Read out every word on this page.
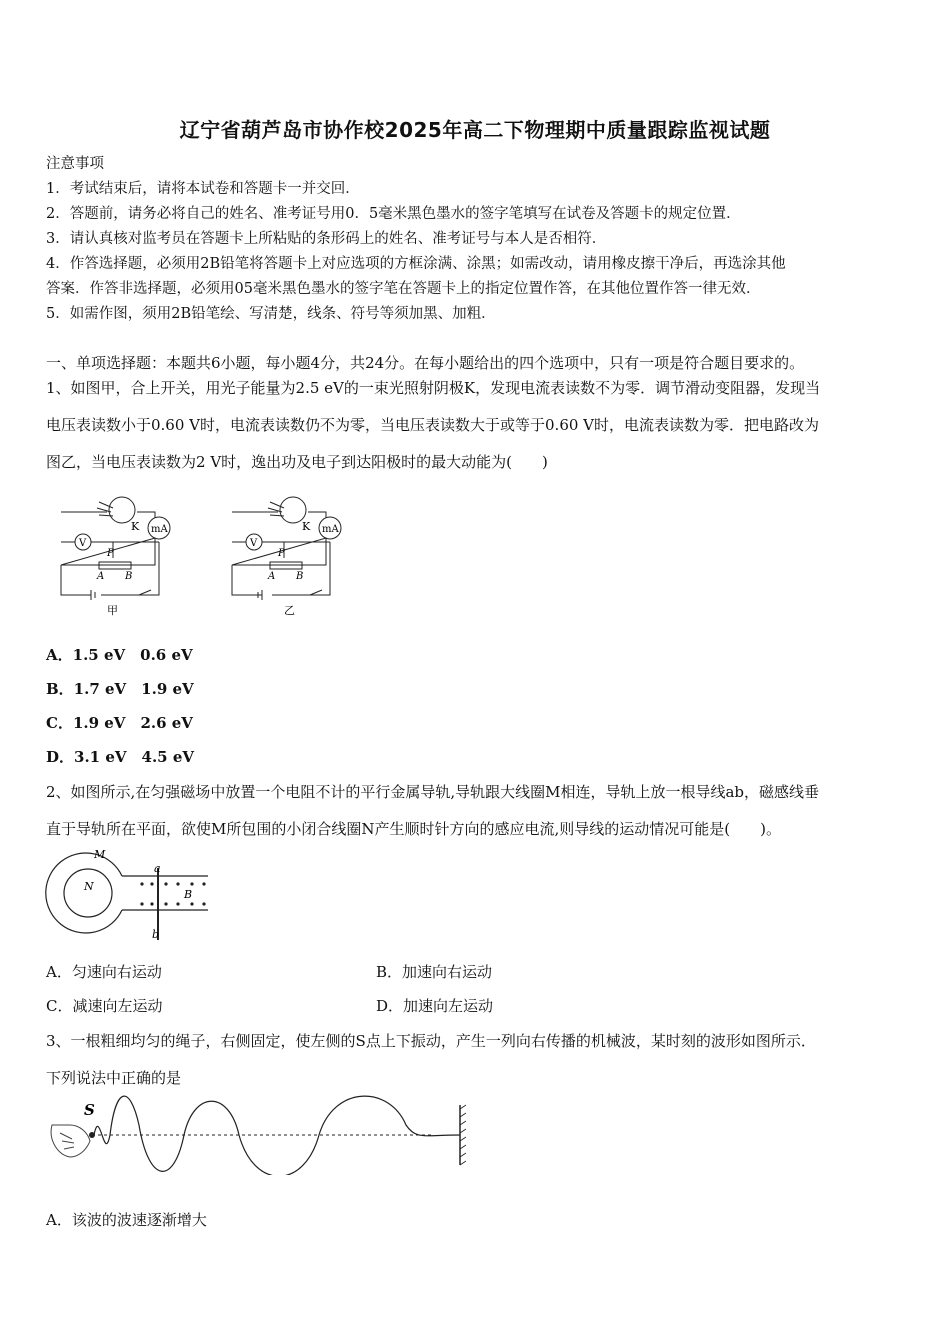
辽宁省葫芦岛市协作校2025年高二下物理期中质量跟踪监视试题
注意事项
1．考试结束后，请将本试卷和答题卡一并交回．
2．答题前，请务必将自己的姓名、准考证号用0．5毫米黑色墨水的签字笔填写在试卷及答题卡的规定位置．
3．请认真核对监考员在答题卡上所粘贴的条形码上的姓名、准考证号与本人是否相符．
4．作答选择题，必须用2B铅笔将答题卡上对应选项的方框涂满、涂黑；如需改动，请用橡皮擦干净后，再选涂其他
答案．作答非选择题，必须用05毫米黑色墨水的签字笔在答题卡上的指定位置作答，在其他位置作答一律无效．
5．如需作图，须用2B铅笔绘、写清楚，线条、符号等须加黑、加粗．
一、单项选择题：本题共6小题，每小题4分，共24分。在每小题给出的四个选项中，只有一项是符合题目要求的。
1、如图甲，合上开关，用光子能量为2.5 eV的一束光照射阴极K，发现电流表读数不为零．调节滑动变阻器，发现当
电压表读数小于0.60 V时，电流表读数仍不为零，当电压表读数大于或等于0.60 V时，电流表读数为零．把电路改为
图乙，当电压表读数为2 V时，逸出功及电子到达阳极时的最大动能为(　　)
K mA
V
P
A B
甲
K mA
V
P
A B
乙
A．1.5 eV　0.6 eV
B．1.7 eV　1.9 eV
C．1.9 eV　2.6 eV
D．3.1 eV　4.5 eV
2、如图所示,在匀强磁场中放置一个电阻不计的平行金属导轨,导轨跟大线圈M相连，导轨上放一根导线ab，磁感线垂
直于导轨所在平面，欲使M所包围的小闭合线圈N产生顺时针方向的感应电流,则导线的运动情况可能是(　　)。
M
N
a
b
B
A．匀速向右运动	B．加速向右运动
C．减速向左运动	D．加速向左运动
3、一根粗细均匀的绳子，右侧固定，使左侧的S点上下振动，产生一列向右传播的机械波，某时刻的波形如图所示．
下列说法中正确的是
S
A．该波的波速逐渐增大
